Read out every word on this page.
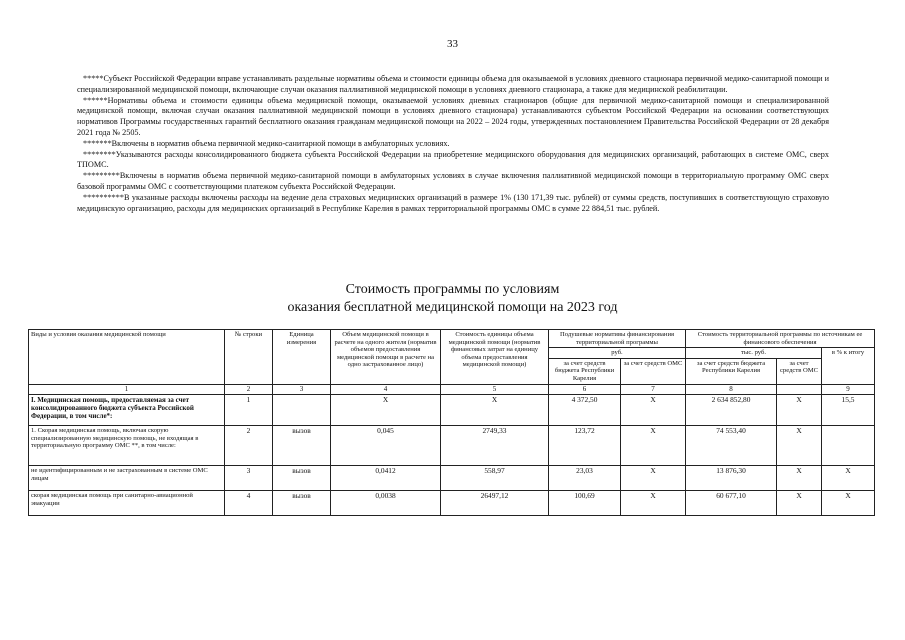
33

*****Субъект Российской Федерации вправе устанавливать раздельные нормативы объема и стоимости единицы объема для оказываемой в условиях дневного стационара первичной медико-санитарной помощи и специализированной медицинской помощи, включающие случаи оказания паллиативной медицинской помощи в условиях дневного стационара, а также для медицинской реабилитации.

******Нормативы объема и стоимости единицы объема медицинской помощи, оказываемой условиях дневных стационаров (общие для первичной медико-санитарной помощи и специализированной медицинской помощи, включая случаи оказания паллиативной медицинской помощи в условиях дневного стационара) устанавливаются субъектом Российской Федерации на основании соответствующих нормативов Программы государственных гарантий бесплатного оказания гражданам медицинской помощи на 2022 – 2024 годы, утвержденных постановлением Правительства Российской Федерации от 28 декабря 2021 года № 2505.

*******Включены в норматив объема первичной медико-санитарной помощи в амбулаторных условиях.

********Указываются расходы консолидированного бюджета субъекта Российской Федерации на приобретение медицинского оборудования для медицинских организаций, работающих в системе ОМС, сверх ТПОМС.

*********Включены в норматив объема первичной медико-санитарной помощи в амбулаторных условиях в случае включения паллиативной медицинской помощи в территориальную программу ОМС сверх базовой программы ОМС с соответствующими платежом субъекта Российской Федерации.

**********В указанные расходы включены расходы на ведение дела страховых медицинских организаций в размере 1% (130 171,39 тыс. рублей) от суммы средств, поступивших в соответствующую страховую медицинскую организацию, расходы для медицинских организаций в Республике Карелия в рамках территориальной программы ОМС в сумме 22 884,51 тыс. рублей.

Стоимость программы по условиям
оказания бесплатной медицинской помощи на 2023 год
Виды и условия оказания медицинской помощи	№ строки	Единица измерения	Объем медицинской помощи в расчете на одного жителя (норматив объемов предоставления медицинской помощи в расчете на одно застрахованное лицо)	Стоимость единицы объема медицинской помощи (норматив финансовых затрат на единицу объема предоставления медицинской помощи)	Подушевые нормативы финансирования территориальной программы		Стоимость территориальной программы по источникам ее финансового обеспечения		
					руб.		тыс. руб.		в % к итогу
					за счет средств бюджета Республики Карелия	за счет средств ОМС	за счет средств бюджета Республики Карелия	за счет средств ОМС	
1	2	3	4	5	6	7	8		9
I. Медицинская помощь, предоставляемая за счет консолидированного бюджета субъекта Российской Федерации, в том числе*:	1		Х	Х	4 372,50	Х	2 634 852,80	Х	15,5
1. Скорая медицинская помощь, включая скорую специализированную медицинскую помощь, не входящая в территориальную программу ОМС **, в том числе:	2	вызов	0,045	2749,33	123,72	Х	74 553,40	Х	
не идентифицированным и не застрахованным в системе ОМС лицам	3	вызов	0,0412	558,97	23,03	Х	13 876,30	Х	Х
скорая медицинская помощь при санитарно-авиационной эвакуации	4	вызов	0,0038	26497,12	100,69	Х	60 677,10	Х	Х
